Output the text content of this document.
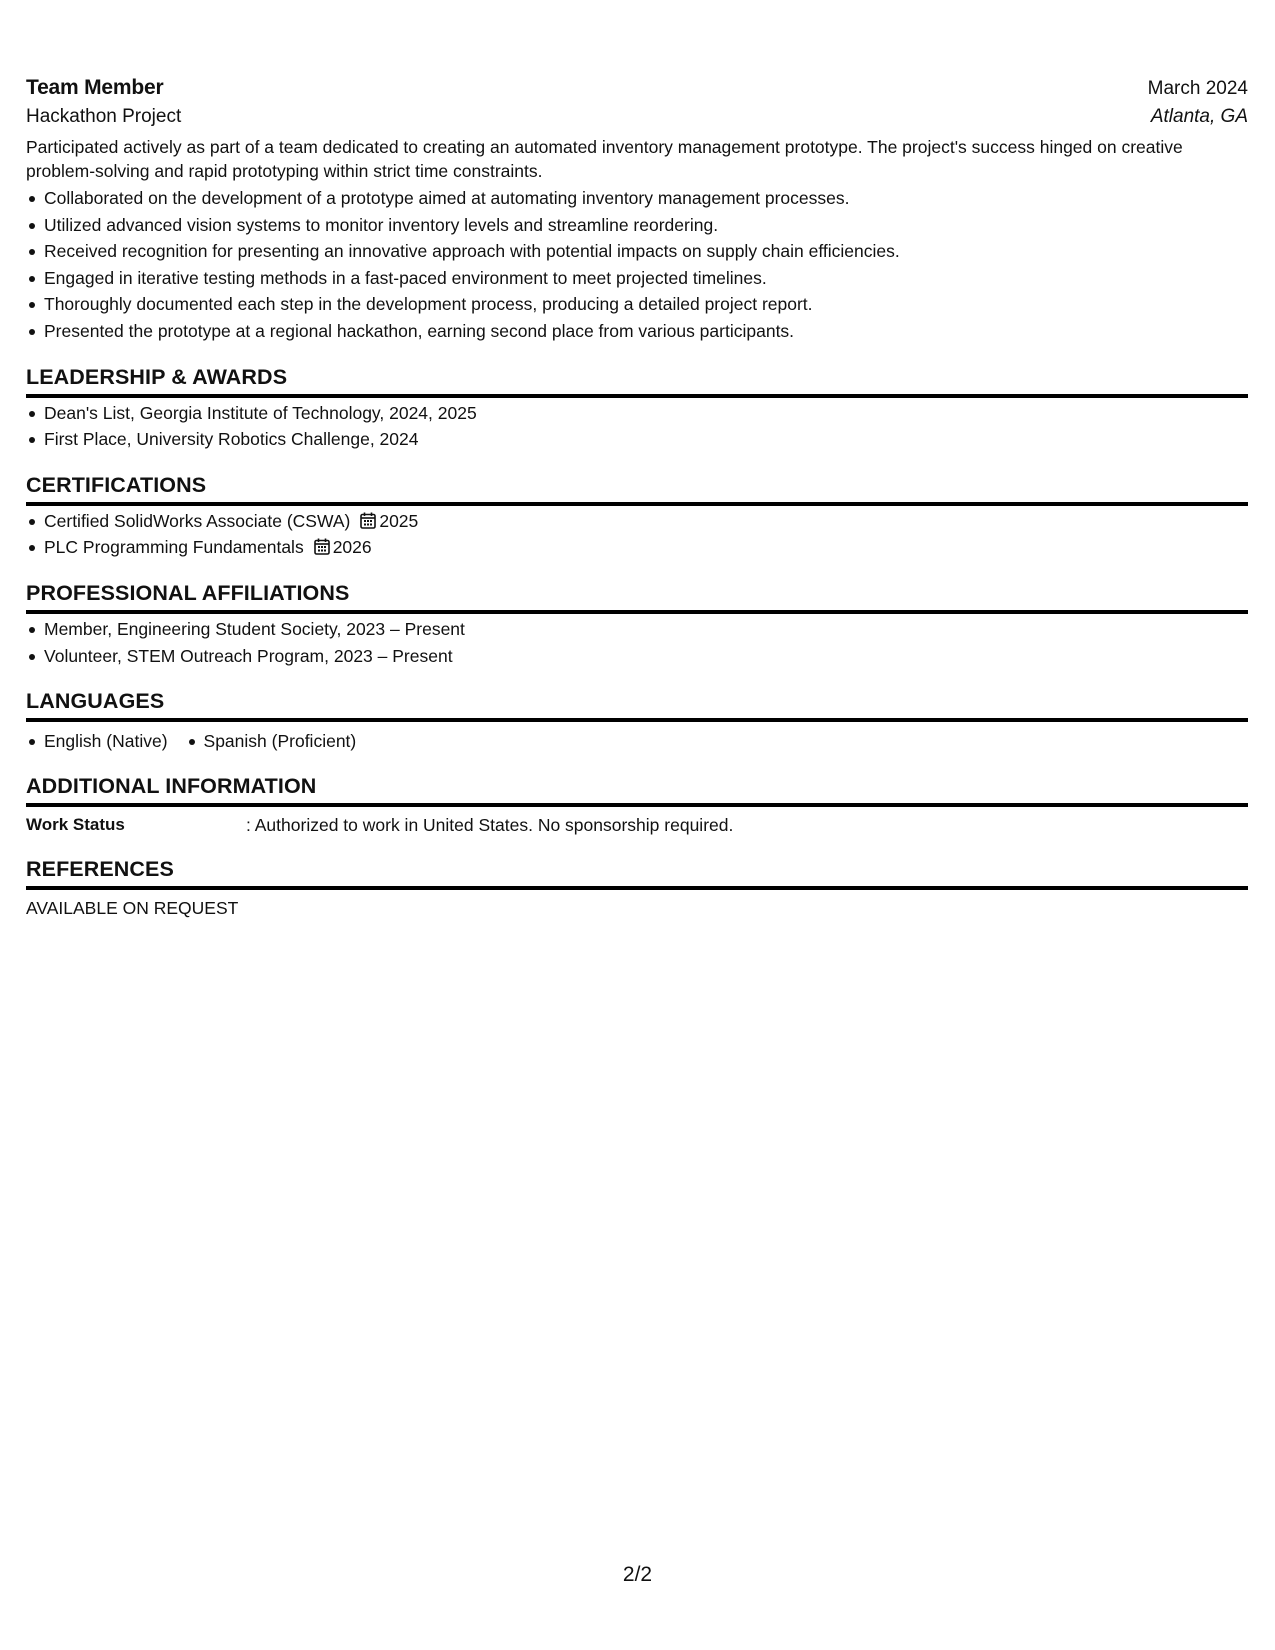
Team Member	March 2024
Hackathon Project	Atlanta, GA
Participated actively as part of a team dedicated to creating an automated inventory management prototype. The project's success hinged on creative problem-solving and rapid prototyping within strict time constraints.
Collaborated on the development of a prototype aimed at automating inventory management processes.
Utilized advanced vision systems to monitor inventory levels and streamline reordering.
Received recognition for presenting an innovative approach with potential impacts on supply chain efficiencies.
Engaged in iterative testing methods in a fast-paced environment to meet projected timelines.
Thoroughly documented each step in the development process, producing a detailed project report.
Presented the prototype at a regional hackathon, earning second place from various participants.
LEADERSHIP & AWARDS
Dean's List, Georgia Institute of Technology, 2024, 2025
First Place, University Robotics Challenge, 2024
CERTIFICATIONS
Certified SolidWorks Associate (CSWA) 2025
PLC Programming Fundamentals 2026
PROFESSIONAL AFFILIATIONS
Member, Engineering Student Society, 2023 – Present
Volunteer, STEM Outreach Program, 2023 – Present
LANGUAGES
English (Native) Spanish (Proficient)
ADDITIONAL INFORMATION
Work Status	: Authorized to work in United States. No sponsorship required.
REFERENCES
AVAILABLE ON REQUEST
2/2
